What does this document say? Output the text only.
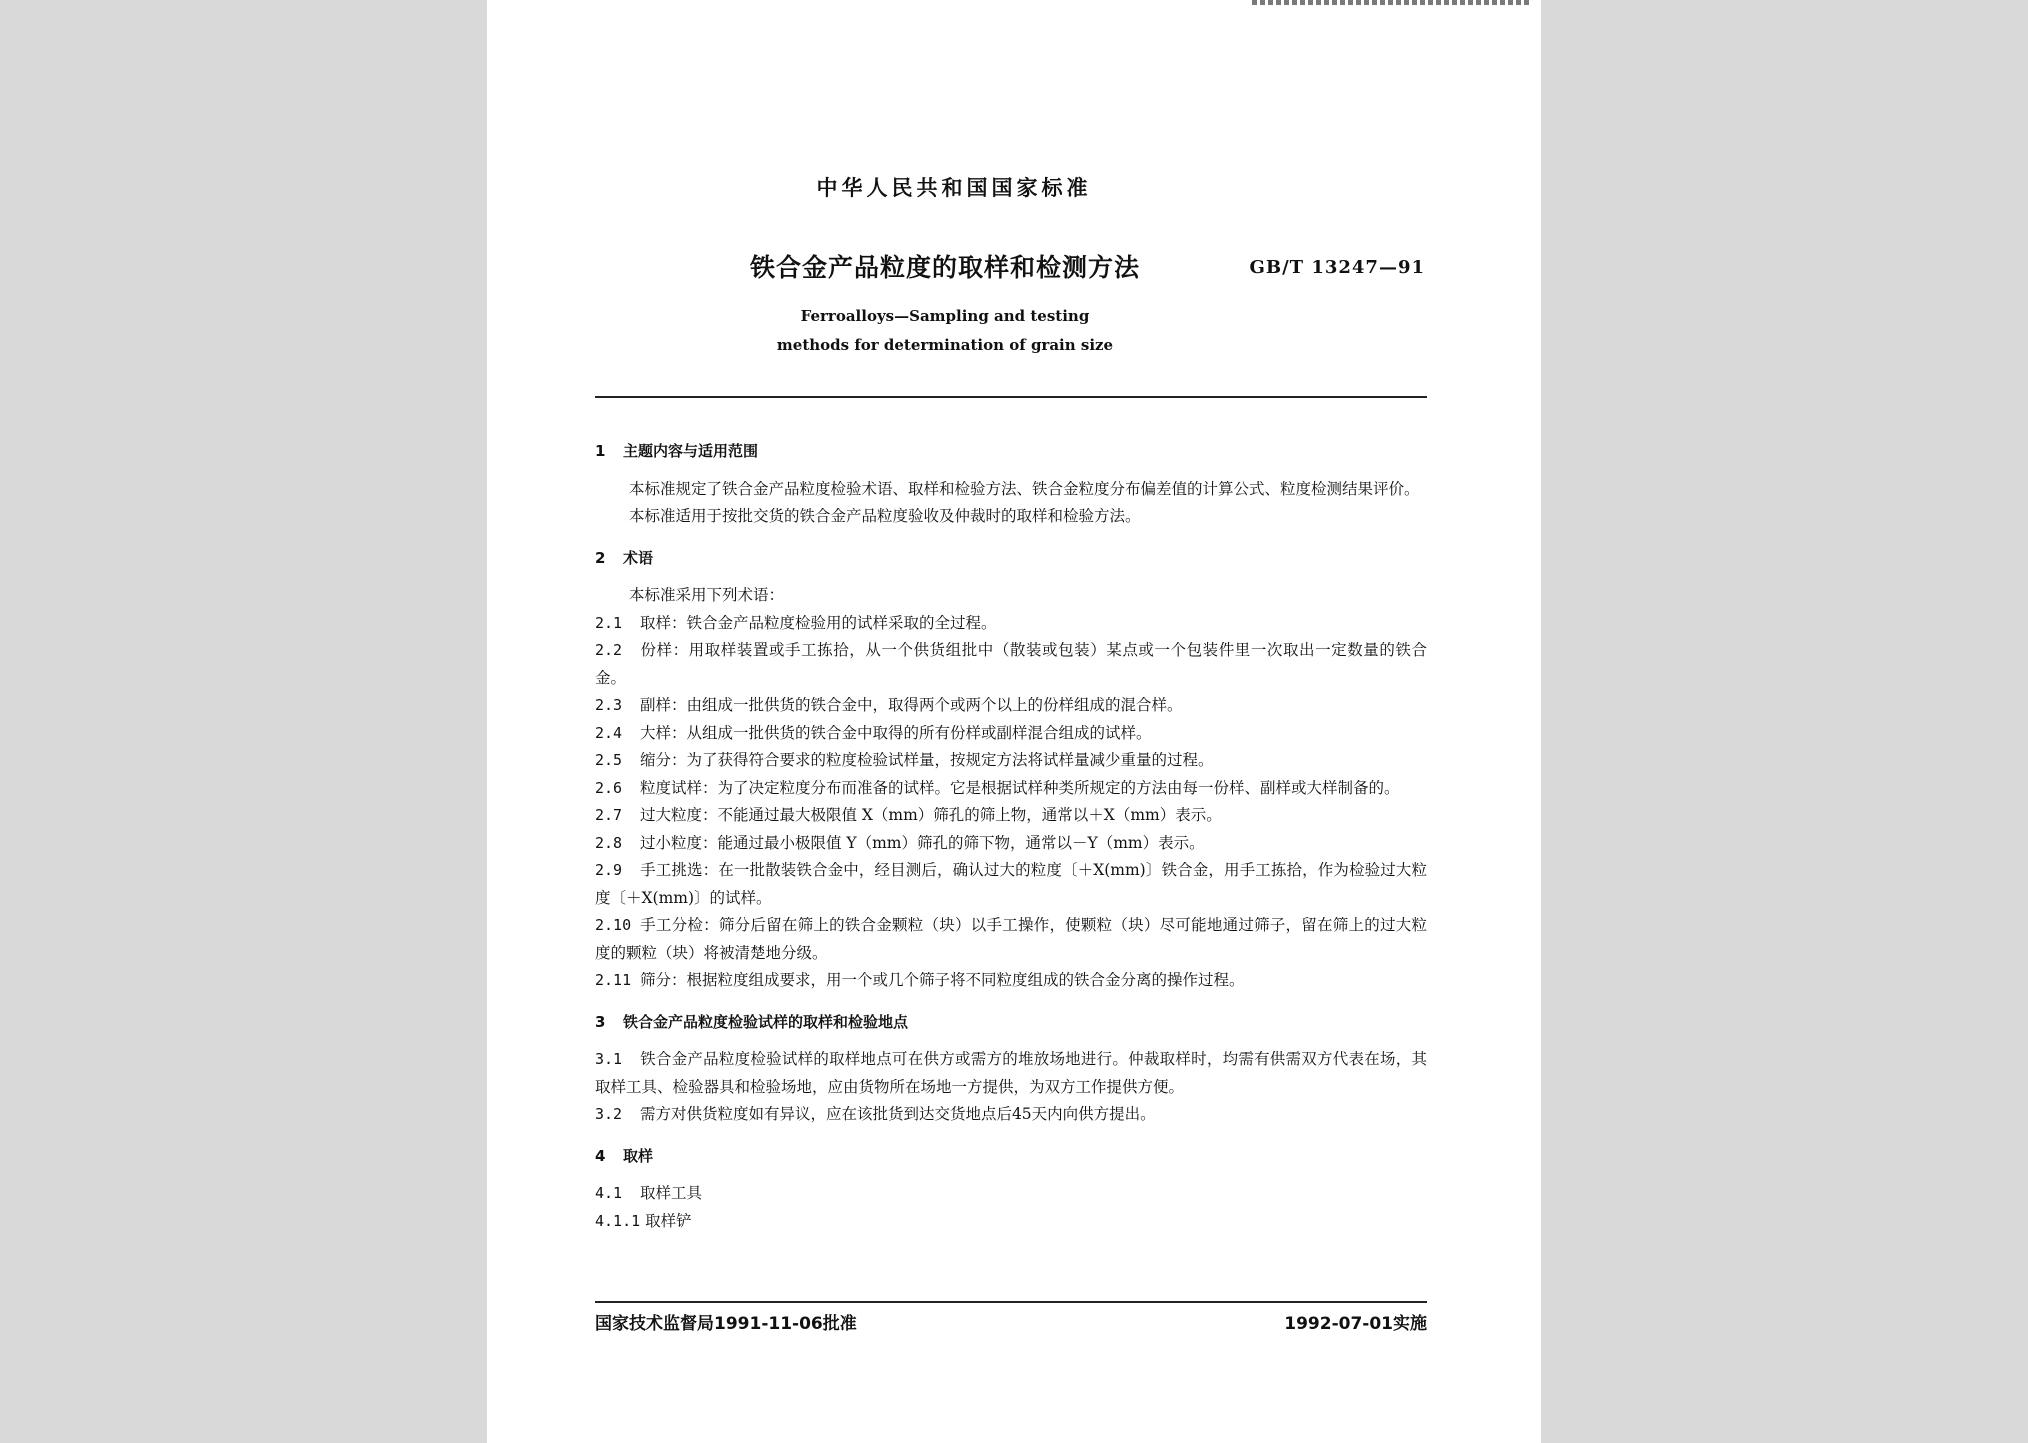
中华人民共和国国家标准
铁合金产品粒度的取样和检测方法	GB/T 13247—91
Ferroalloys—Sampling and testing
methods for determination of grain size

1 主题内容与适用范围

本标准规定了铁合金产品粒度检验术语、取样和检验方法、铁合金粒度分布偏差值的计算公式、粒度检测结果评价。

本标准适用于按批交货的铁合金产品粒度验收及仲裁时的取样和检验方法。

2 术语

本标准采用下列术语：

2.1 取样：铁合金产品粒度检验用的试样采取的全过程。

2.2 份样：用取样装置或手工拣拾，从一个供货组批中（散装或包装）某点或一个包装件里一次取出一定数量的铁合金。

2.3 副样：由组成一批供货的铁合金中，取得两个或两个以上的份样组成的混合样。

2.4 大样：从组成一批供货的铁合金中取得的所有份样或副样混合组成的试样。

2.5 缩分：为了获得符合要求的粒度检验试样量，按规定方法将试样量减少重量的过程。

2.6 粒度试样：为了决定粒度分布而准备的试样。它是根据试样种类所规定的方法由每一份样、副样或大样制备的。

2.7 过大粒度：不能通过最大极限值 X（mm）筛孔的筛上物，通常以＋X（mm）表示。

2.8 过小粒度：能通过最小极限值 Y（mm）筛孔的筛下物，通常以－Y（mm）表示。

2.9 手工挑选：在一批散装铁合金中，经目测后，确认过大的粒度〔＋X(mm)〕铁合金，用手工拣拾，作为检验过大粒度〔＋X(mm)〕的试样。

2.10 手工分检：筛分后留在筛上的铁合金颗粒（块）以手工操作，使颗粒（块）尽可能地通过筛子，留在筛上的过大粒度的颗粒（块）将被清楚地分级。

2.11 筛分：根据粒度组成要求，用一个或几个筛子将不同粒度组成的铁合金分离的操作过程。

3 铁合金产品粒度检验试样的取样和检验地点

3.1 铁合金产品粒度检验试样的取样地点可在供方或需方的堆放场地进行。仲裁取样时，均需有供需双方代表在场，其取样工具、检验器具和检验场地，应由货物所在场地一方提供，为双方工作提供方便。

3.2 需方对供货粒度如有异议，应在该批货到达交货地点后45天内向供方提出。

4 取样

4.1 取样工具

4.1.1 取样铲

国家技术监督局1991-11-06批准	1992-07-01实施
